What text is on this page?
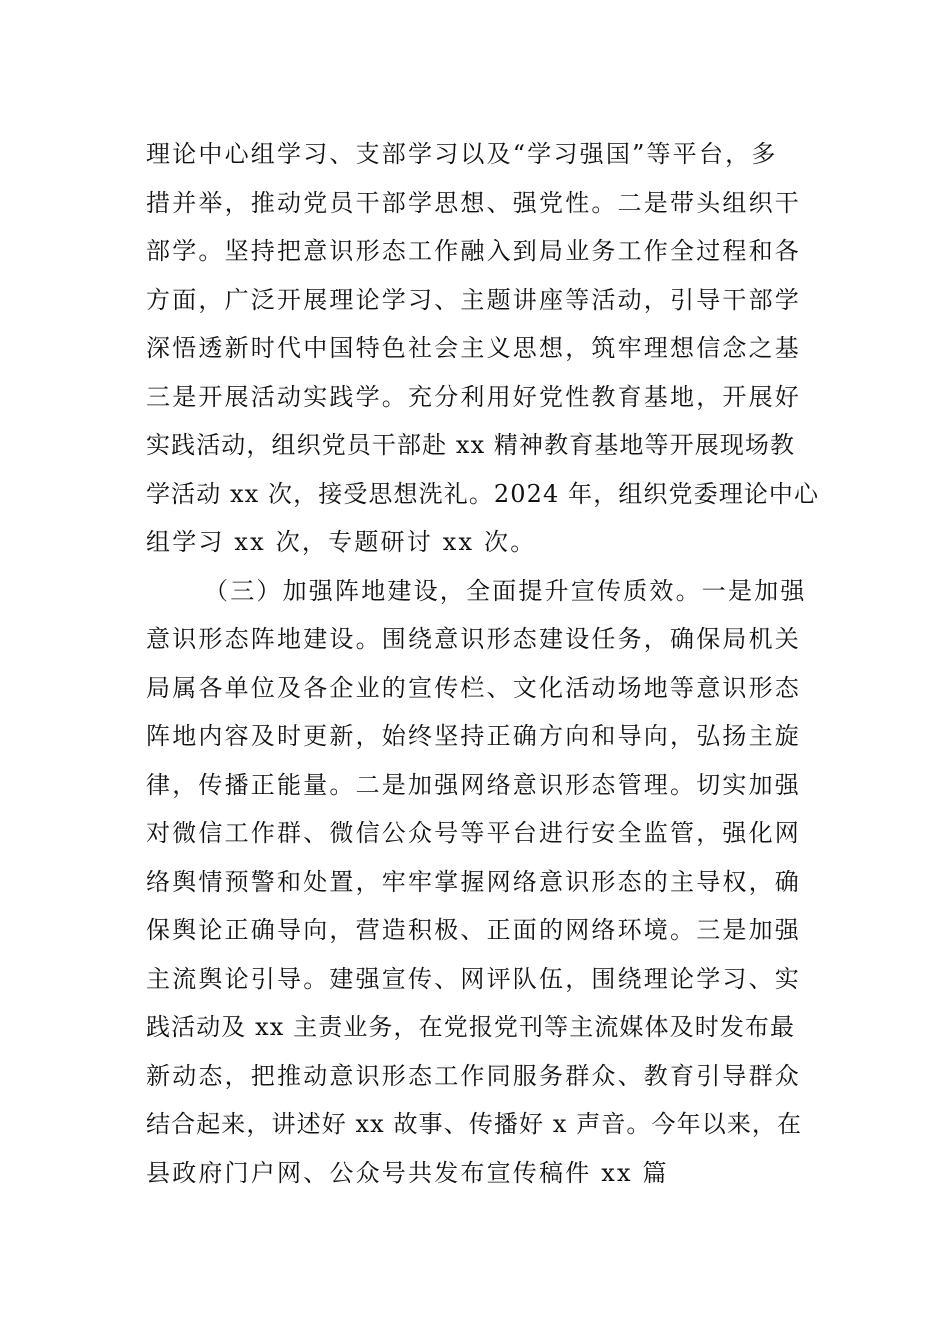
理论中心组学习、支部学习以及“学习强国”等平台，多
措并举，推动党员干部学思想、强党性。二是带头组织干
部学。坚持把意识形态工作融入到局业务工作全过程和各
方面，广泛开展理论学习、主题讲座等活动，引导干部学
深悟透新时代中国特色社会主义思想，筑牢理想信念之基
三是开展活动实践学。充分利用好党性教育基地，开展好
实践活动，组织党员干部赴 xx 精神教育基地等开展现场教
学活动 xx 次，接受思想洗礼。2024 年，组织党委理论中心
组学习 xx 次，专题研讨 xx 次。
（三）加强阵地建设，全面提升宣传质效。一是加强
意识形态阵地建设。围绕意识形态建设任务，确保局机关
局属各单位及各企业的宣传栏、文化活动场地等意识形态
阵地内容及时更新，始终坚持正确方向和导向，弘扬主旋
律，传播正能量。二是加强网络意识形态管理。切实加强
对微信工作群、微信公众号等平台进行安全监管，强化网
络舆情预警和处置，牢牢掌握网络意识形态的主导权，确
保舆论正确导向，营造积极、正面的网络环境。三是加强
主流舆论引导。建强宣传、网评队伍，围绕理论学习、实
践活动及 xx 主责业务，在党报党刊等主流媒体及时发布最
新动态，把推动意识形态工作同服务群众、教育引导群众
结合起来，讲述好 xx 故事、传播好 x 声音。今年以来，在
县政府门户网、公众号共发布宣传稿件 xx 篇
